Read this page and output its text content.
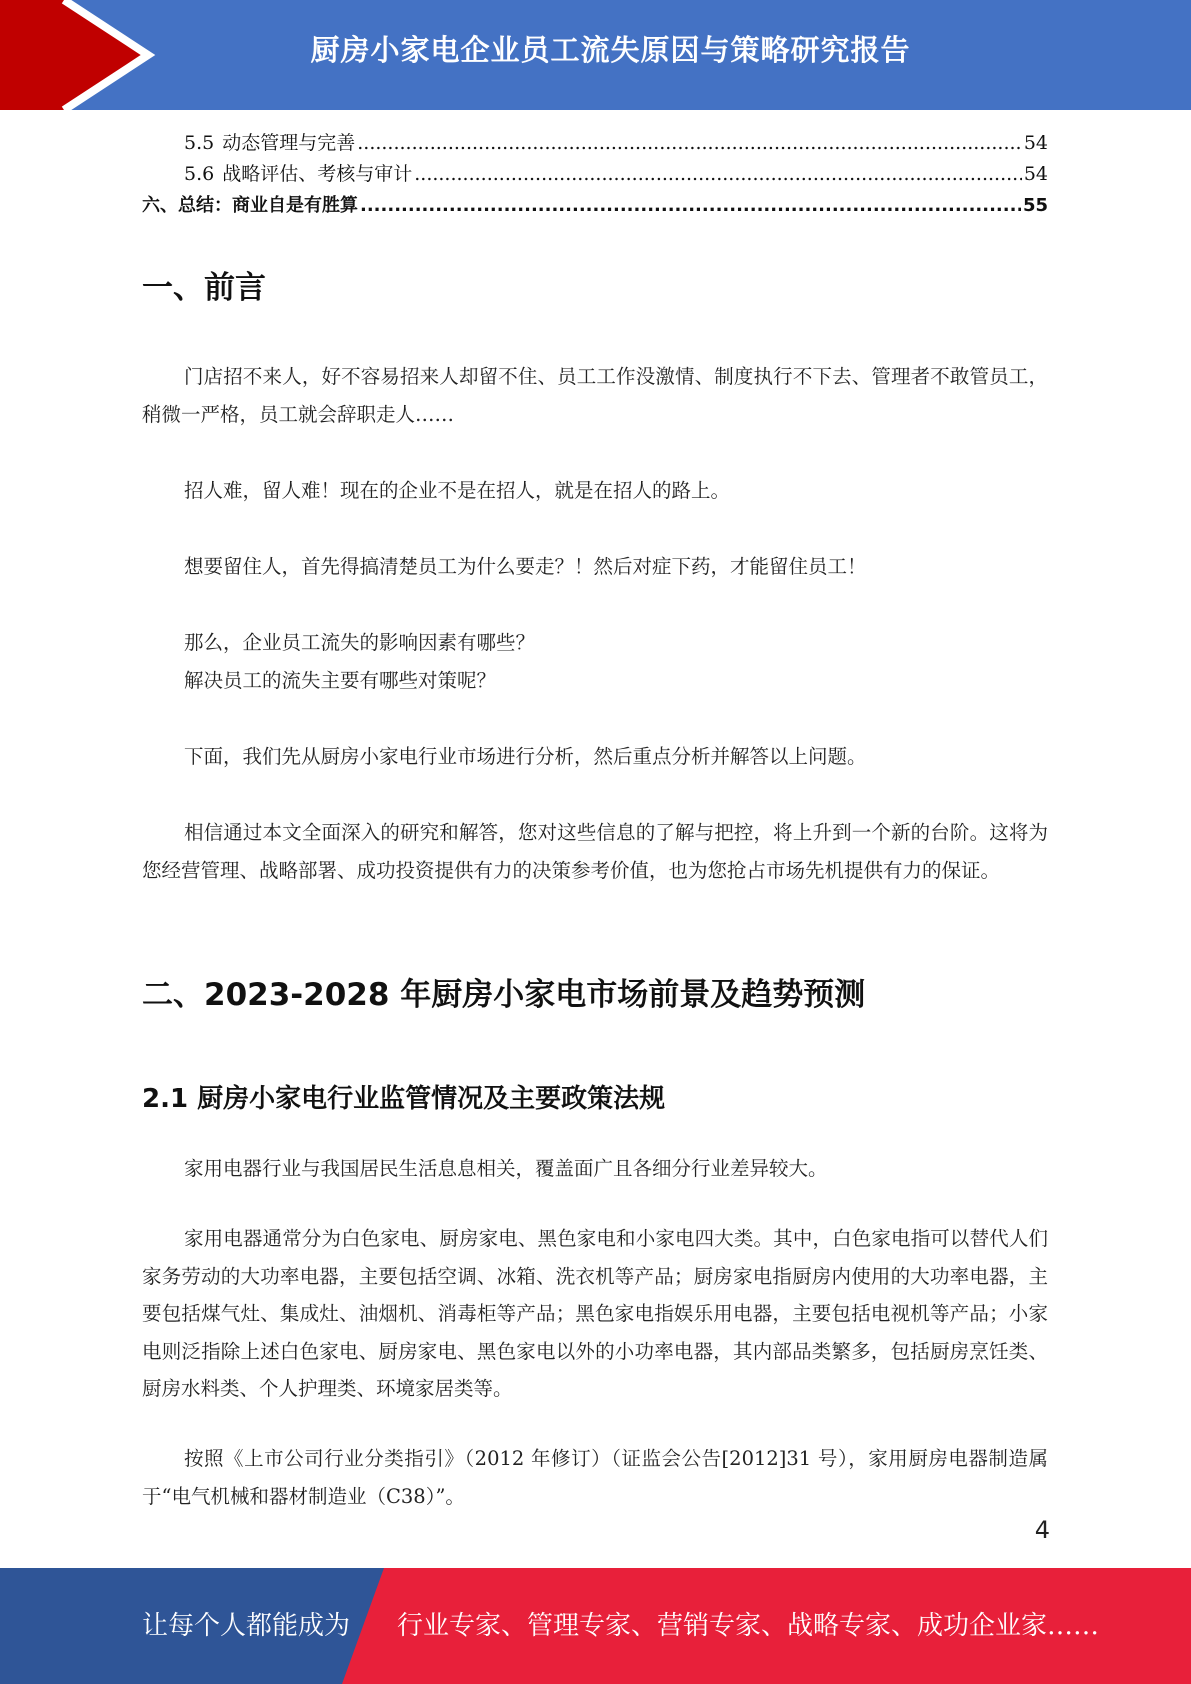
厨房小家电企业员工流失原因与策略研究报告
5.5 动态管理与完善 .....	54
5.6 战略评估、考核与审计 .....	54
六、总结：商业自是有胜算 .....	55
一、前言

门店招不来人，好不容易招来人却留不住、员工工作没激情、制度执行不下去、管理者不敢管员工，稍微一严格，员工就会辞职走人……

招人难，留人难！现在的企业不是在招人，就是在招人的路上。

想要留住人，首先得搞清楚员工为什么要走？！然后对症下药，才能留住员工！

那么，企业员工流失的影响因素有哪些？

解决员工的流失主要有哪些对策呢？

下面，我们先从厨房小家电行业市场进行分析，然后重点分析并解答以上问题。

相信通过本文全面深入的研究和解答，您对这些信息的了解与把控，将上升到一个新的台阶。这将为您经营管理、战略部署、成功投资提供有力的决策参考价值，也为您抢占市场先机提供有力的保证。

二、2023-2028 年厨房小家电市场前景及趋势预测
2.1 厨房小家电行业监管情况及主要政策法规

家用电器行业与我国居民生活息息相关，覆盖面广且各细分行业差异较大。

家用电器通常分为白色家电、厨房家电、黑色家电和小家电四大类。其中，白色家电指可以替代人们家务劳动的大功率电器，主要包括空调、冰箱、洗衣机等产品；厨房家电指厨房内使用的大功率电器，主要包括煤气灶、集成灶、油烟机、消毒柜等产品；黑色家电指娱乐用电器，主要包括电视机等产品；小家电则泛指除上述白色家电、厨房家电、黑色家电以外的小功率电器，其内部品类繁多，包括厨房烹饪类、厨房水料类、个人护理类、环境家居类等。

按照《上市公司行业分类指引》（2012 年修订）（证监会公告[2012]31 号），家用厨房电器制造属于“电气机械和器材制造业（C38）”。

4
让每个人都能成为 行业专家、管理专家、营销专家、战略专家、成功企业家……
